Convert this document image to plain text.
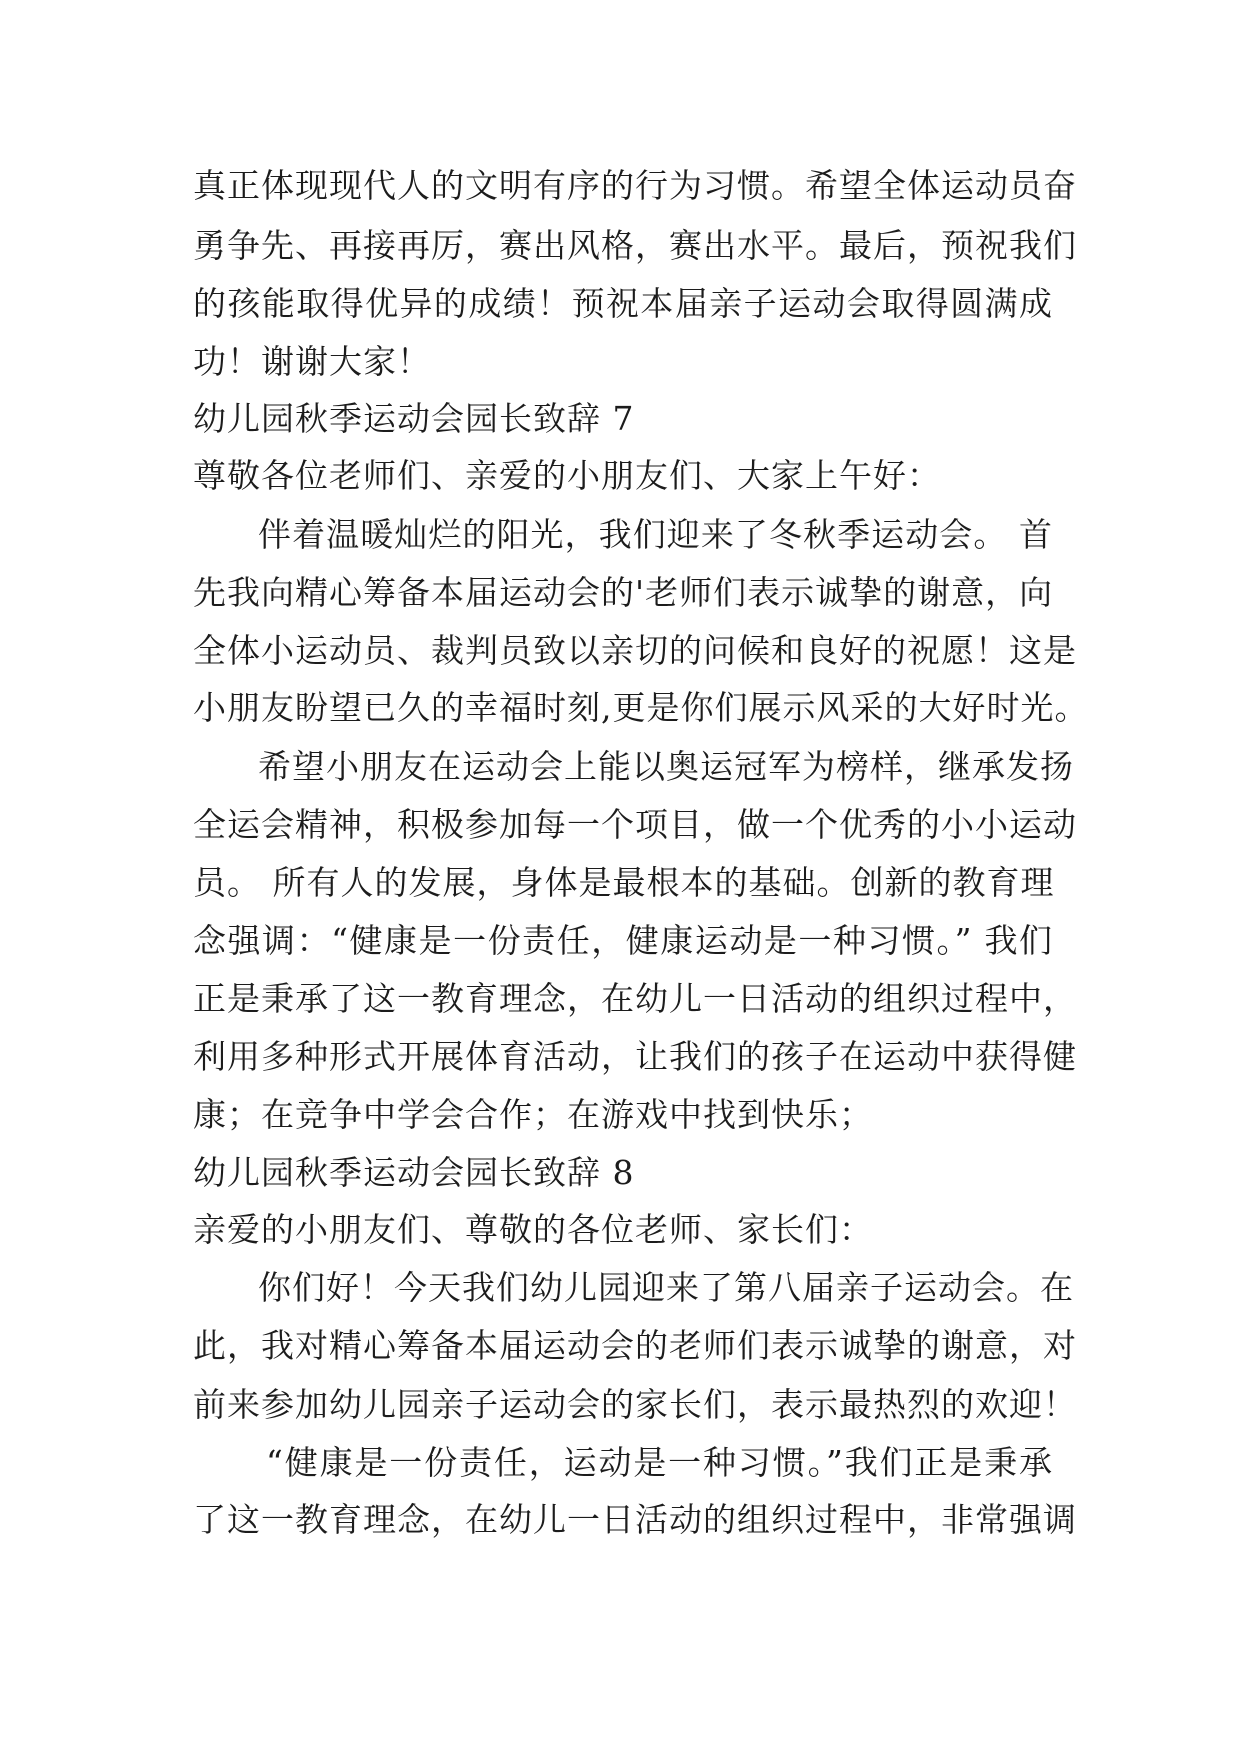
真正体现现代人的文明有序的行为习惯。希望全体运动员奋
勇争先、再接再厉，赛出风格，赛出水平。最后，预祝我们
的孩能取得优异的成绩！预祝本届亲子运动会取得圆满成
功！谢谢大家！
幼儿园秋季运动会园长致辞 7
尊敬各位老师们、亲爱的小朋友们、大家上午好：
伴着温暖灿烂的阳光，我们迎来了冬秋季运动会。 首
先我向精心筹备本届运动会的'老师们表示诚挚的谢意，向
全体小运动员、裁判员致以亲切的问候和良好的祝愿！这是
小朋友盼望已久的幸福时刻,更是你们展示风采的大好时光。
希望小朋友在运动会上能以奥运冠军为榜样，继承发扬
全运会精神，积极参加每一个项目，做一个优秀的小小运动
员。 所有人的发展，身体是最根本的基础。创新的教育理
念强调：“健康是一份责任，健康运动是一种习惯。” 我们
正是秉承了这一教育理念，在幼儿一日活动的组织过程中，
利用多种形式开展体育活动，让我们的孩子在运动中获得健
康；在竞争中学会合作；在游戏中找到快乐；
幼儿园秋季运动会园长致辞 8
亲爱的小朋友们、尊敬的各位老师、家长们：
你们好！今天我们幼儿园迎来了第八届亲子运动会。在
此，我对精心筹备本届运动会的老师们表示诚挚的谢意，对
前来参加幼儿园亲子运动会的家长们，表示最热烈的欢迎！
“健康是一份责任，运动是一种习惯。”我们正是秉承
了这一教育理念，在幼儿一日活动的组织过程中，非常强调
